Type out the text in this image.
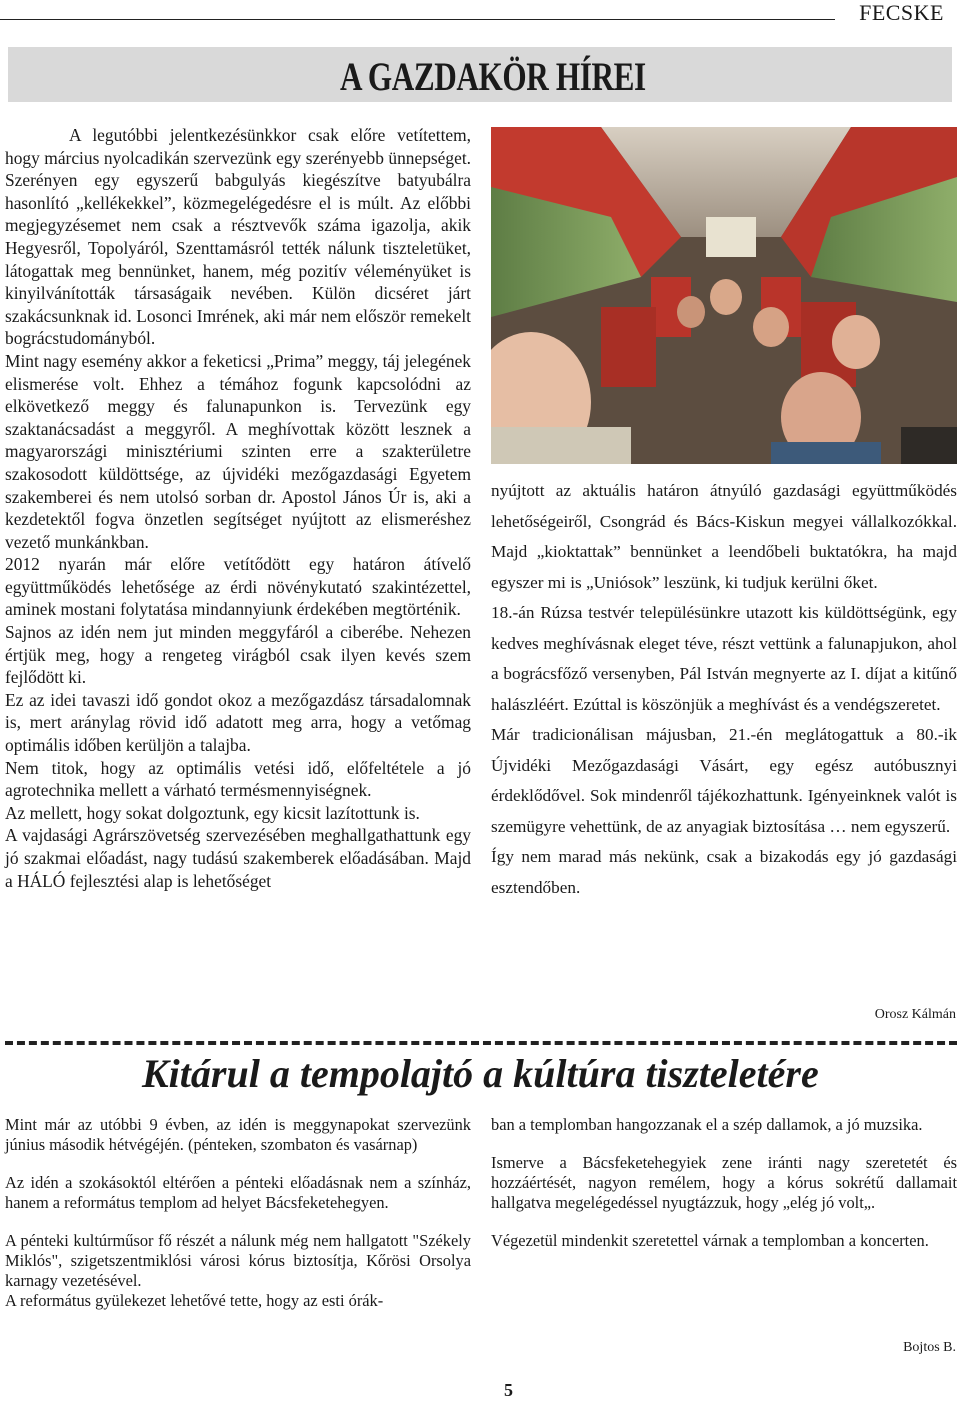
FECSKE
A GAZDAKÖR HÍREI

A legutóbbi jelentkezésünkkor csak előre vetítettem, hogy március nyolcadikán szervezünk egy szerényebb ünnepséget. Szerényen egy egyszerű babgulyás kiegészítve batyubálra hasonlító „kellékekkel”, közmegelégedésre el is múlt. Az előbbi megjegyzésemet nem csak a résztvevők száma igazolja, akik Hegyesről, Topolyáról, Szenttamásról tették nálunk tiszteletüket, látogattak meg bennünket, hanem, még pozitív véleményüket is kinyilvánították társaságaik nevében. Külön dicséret járt szakácsunknak id. Losonci Imrének, aki már nem először remekelt bográcstudományból.

Mint nagy esemény akkor a feketicsi „Prima” meggy, táj jelegének elismerése volt. Ehhez a témához fogunk kapcsolódni az elkövetkező meggy és falunapunkon is. Tervezünk egy szaktanácsadást a meggyről. A meghívottak között lesznek a magyarországi minisztériumi szinten erre a szakterületre szakosodott küldöttsége, az újvidéki mezőgazdasági Egyetem szakemberei és nem utolsó sorban dr. Apostol János Úr is, aki a kezdetektől fogva önzetlen segítséget nyújtott az elismeréshez vezető munkánkban.

2012 nyarán már előre vetítődött egy határon átívelő együttműködés lehetősége az érdi növénykutató szakintézettel, aminek mostani folytatása mindannyiunk érdekében megtörténik.

Sajnos az idén nem jut minden meggyfáról a ciberébe. Nehezen értjük meg, hogy a rengeteg virágból csak ilyen kevés szem fejlődött ki.

Ez az idei tavaszi idő gondot okoz a mezőgazdász társadalomnak is, mert aránylag rövid idő adatott meg arra, hogy a vetőmag optimális időben kerüljön a talajba.

Nem titok, hogy az optimális vetési idő, előfeltétele a jó agrotechnika mellett a várható termésmennyiségnek.

Az mellett, hogy sokat dolgoztunk, egy kicsit lazítottunk is.

A vajdasági Agrárszövetség szervezésében meghallgathattunk egy jó szakmai előadást, nagy tudású szakemberek előadásában. Majd a HÁLÓ fejlesztési alap is lehetőséget

nyújtott az aktuális határon átnyúló gazdasági együttműködés lehetőségeiről, Csongrád és Bács-Kiskun megyei vállalkozókkal. Majd „kioktattak” bennünket a leendőbeli buktatókra, ha majd egyszer mi is „Uniósok” leszünk, ki tudjuk kerülni őket.

18.-án Rúzsa testvér településünkre utazott kis küldöttségünk, egy kedves meghívásnak eleget téve, részt vettünk a falunapjukon, ahol a bográcsfőző versenyben, Pál István megnyerte az I. díjat a kitűnő halászléért. Ezúttal is köszönjük a meghívást és a vendégszeretet.

Már tradicionálisan májusban, 21.-én meglátogattuk a 80.-ik Újvidéki Mezőgazdasági Vásárt, egy egész autóbusznyi érdeklődővel. Sok mindenről tájékozhattunk. Igényeinknek valót is szemügyre vehettünk, de az anyagiak biztosítása … nem egyszerű.

Így nem marad más nekünk, csak a bizakodás egy jó gazdasági esztendőben.

Orosz Kálmán
Kitárul a tempolajtó a kúltúra tiszteletére

Mint már az utóbbi 9 évben, az idén is meggynapokat szervezünk június második hétvégéjén. (pénteken, szombaton és vasárnap)

Az idén a szokásoktól eltérően a pénteki előadásnak nem a színház, hanem a református templom ad helyet Bácsfeketehegyen.

A pénteki kultúrműsor fő részét a nálunk még nem hallgatott "Székely Miklós", szigetszentmiklósi városi kórus biztosítja, Kőrösi Orsolya karnagy vezetésével.

A református gyülekezet lehetővé tette, hogy az esti órák-

ban a templomban hangozzanak el a szép dallamok, a jó muzsika.

Ismerve a Bácsfeketehegyiek zene iránti nagy szeretetét és hozzáértését, nagyon remélem, hogy a kórus sokrétű dallamait hallgatva megelégedéssel nyugtázzuk, hogy „elég jó volt„.

Végezetül mindenkit szeretettel várnak a templomban a koncerten.

Bojtos B.
5
